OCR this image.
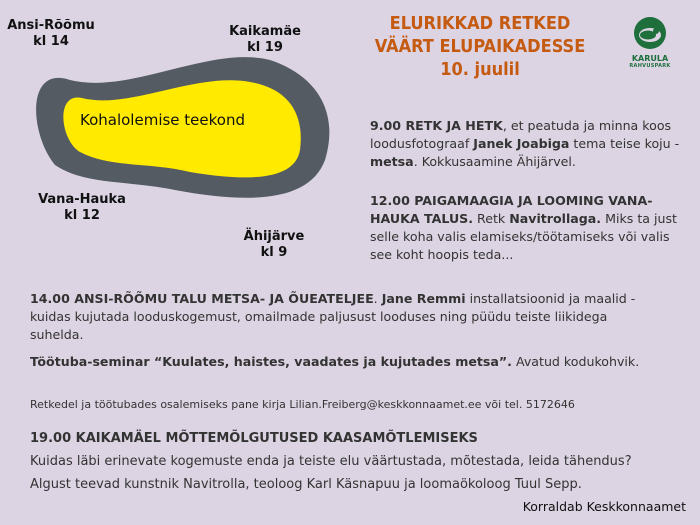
Kohalolemise teekond
Ansi-Rõõmu
kl 14
Kaikamäe
kl 19
Vana-Hauka
kl 12
Ähijärve
kl 9
ELURIKKAD RETKED
VÄÄRT ELUPAIKADESSE
10. juulil
KARULA
RAHVUSPARK
9.00 RETK JA HETK, et peatuda ja minna koos loodusfotograaf Janek Joabiga tema teise koju - metsa. Kokkusaamine Ähijärvel.
12.00 PAIGAMAAGIA JA LOOMING VANA-HAUKA TALUS. Retk Navitrollaga. Miks ta just selle koha valis elamiseks/töötamiseks või valis see koht hoopis teda...
14.00 ANSI-RÕÕMU TALU METSA- JA ÕUEATELJEE. Jane Remmi installatsioonid ja maalid - kuidas kujutada looduskogemust, omailmade paljusust looduses ning püüdu teiste liikidega suhelda.
Töötuba-seminar “Kuulates, haistes, vaadates ja kujutades metsa”. Avatud kodukohvik.
Retkedel ja töötubades osalemiseks pane kirja Lilian.Freiberg@keskkonnaamet.ee või tel. 5172646
19.00 KAIKAMÄEL MÕTTEMÕLGUTUSED KAASAMÕTLEMISEKS
Kuidas läbi erinevate kogemuste enda ja teiste elu väärtustada, mõtestada, leida tähendus?
Algust teevad kunstnik Navitrolla, teoloog Karl Käsnapuu ja loomaökoloog Tuul Sepp.
Korraldab Keskkonnaamet
